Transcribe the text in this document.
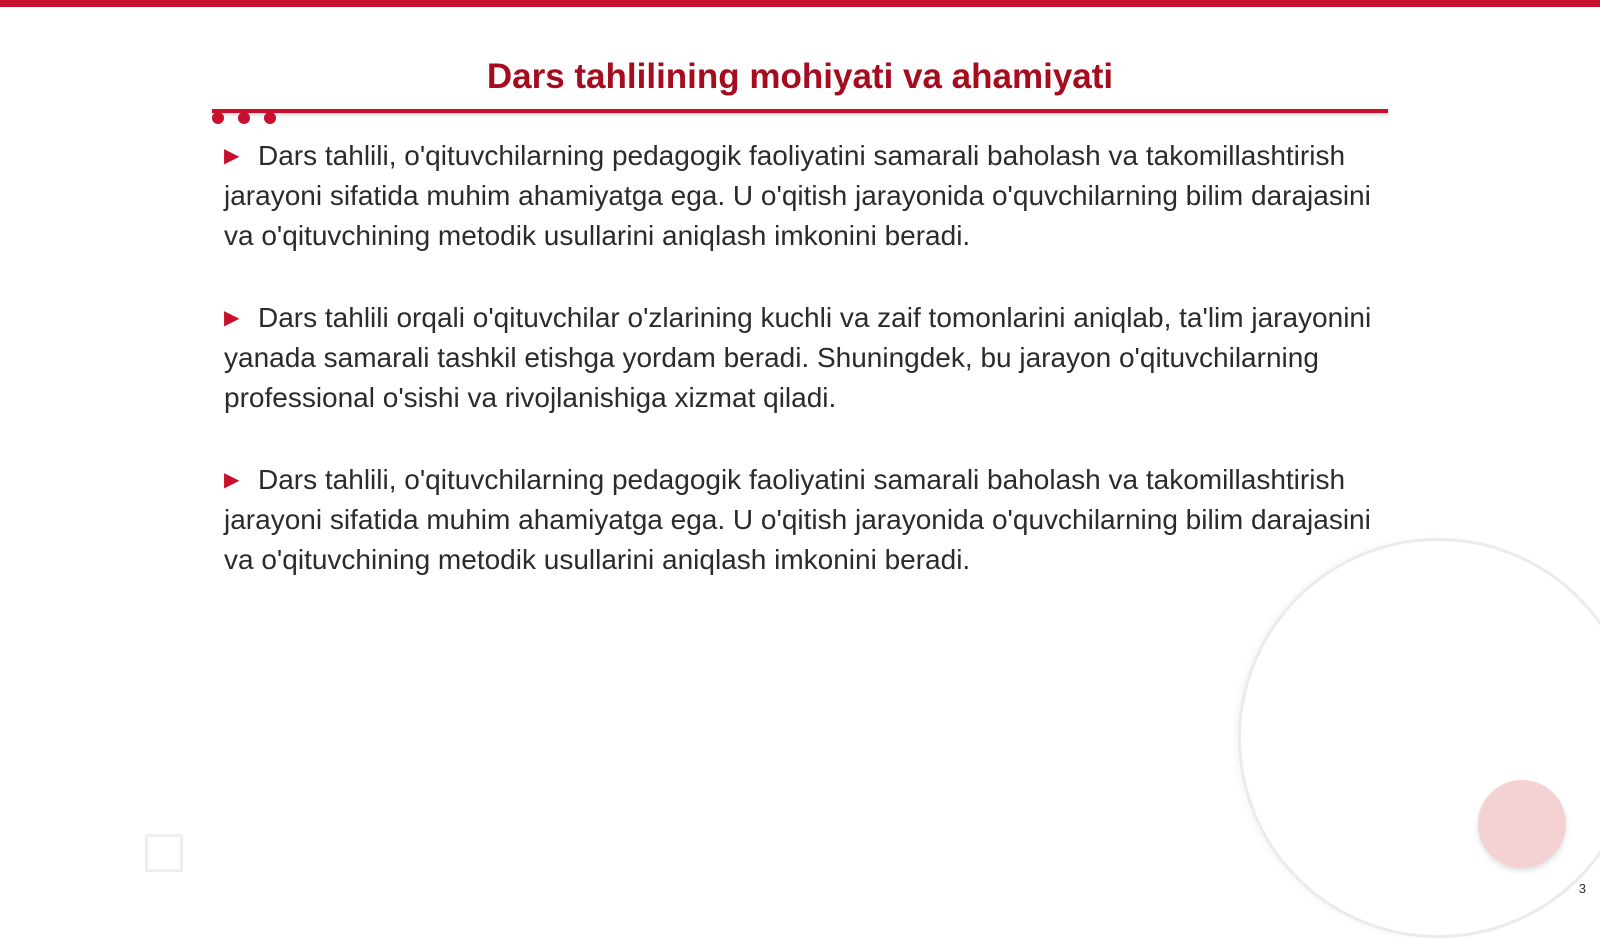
Dars tahlilining mohiyati va ahamiyati
▶ Dars tahlili, o'qituvchilarning pedagogik faoliyatini samarali baholash va takomillashtirish jarayoni sifatida muhim ahamiyatga ega. U o'qitish jarayonida o'quvchilarning bilim darajasini va o'qituvchining metodik usullarini aniqlash imkonini beradi.
▶ Dars tahlili orqali o'qituvchilar o'zlarining kuchli va zaif tomonlarini aniqlab, ta'lim jarayonini yanada samarali tashkil etishga yordam beradi. Shuningdek, bu jarayon o'qituvchilarning professional o'sishi va rivojlanishiga xizmat qiladi.
▶ Dars tahlili, o'qituvchilarning pedagogik faoliyatini samarali baholash va takomillashtirish jarayoni sifatida muhim ahamiyatga ega. U o'qitish jarayonida o'quvchilarning bilim darajasini va o'qituvchining metodik usullarini aniqlash imkonini beradi.
3
